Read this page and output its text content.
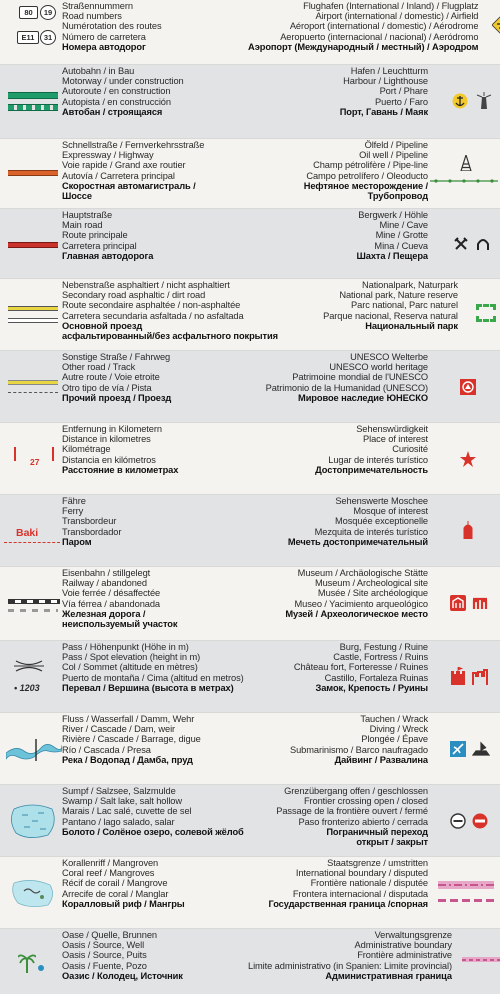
80	19
E11	31
Straßennummern
Road numbers
Numérotation des routes
Número de carretera
Номера автодорог
Flughafen (International / Inland) / Flugplatz
Airport (international / domestic) / Airfield
Aéroport (international / domestic) / Aérodrome
Aeropuerto (internacional / nacional) / Aeródromo
Аэропорт (Международный / местный) / Аэродром
Autobahn / in Bau
Motorway / under construction
Autoroute / en construction
Autopista / en construcción
Автобан / строящаяся
Hafen / Leuchtturm
Harbour / Lighthouse
Port / Phare
Puerto / Faro
Порт, Гавань / Маяк
Schnellstraße / Fernverkehrsstraße
Expressway / Highway
Voie rapide / Grand axe routier
Autovía / Carretera principal
Скоростная автомагистраль /
Шоссе
Ölfeld / Pipeline
Oil well / Pipeline
Champ pétrolifère / Pipe-line
Campo petrolífero / Oleoducto
Нефтяное месторождение /
Трубопровод
Hauptstraße
Main road
Route principale
Carretera principal
Главная автодорога
Bergwerk / Höhle
Mine / Cave
Mine / Grotte
Mina / Cueva
Шахта / Пещера
Nebenstraße asphaltiert / nicht asphaltiert
Secondary road asphaltic / dirt road
Route secondaire asphaltée / non-asphaltée
Carretera secundaria asfaltada / no asfaltada
Основной проезд
асфальтированный/без асфальтного покрытия
Nationalpark, Naturpark
National park, Nature reserve
Parc national, Parc naturel
Parque nacional, Reserva natural
Национальный парк
Sonstige Straße / Fahrweg
Other road / Track
Autre route / Voie etroite
Otro tipo de vía / Pista
Прочий проезд / Проезд
UNESCO Welterbe
UNESCO world heritage
Patrimoine mondial de l'UNESCO
Patrimonio de la Humanidad (UNESCO)
Мировое наследие ЮНЕСКО
27
Entfernung in Kilometern
Distance in kilometres
Kilométrage
Distancia en kilómetros
Расстояние в километрах
Sehenswürdigkeit
Place of interest
Curiosité
Lugar de interés turístico
Достопримечательность
Baki
Fähre
Ferry
Transbordeur
Transbordador
Паром
Sehenswerte Moschee
Mosque of interest
Mosquée exceptionelle
Mezquita de interés turístico
Мечеть достопримечательный
Eisenbahn / stillgelegt
Railway / abandoned
Voie ferrée / désaffectée
Vía férrea / abandonada
Железная дорога /
неиспользуемый участок
Museum / Archäologische Stätte
Museum / Archeological site
Musée / Site archéologique
Museo / Yacimiento arqueológico
Музей / Археологическое место
• 1203
Pass / Höhenpunkt (Höhe in m)
Pass / Spot elevation (height in m)
Col / Sommet (altitude en mètres)
Puerto de montaña / Cima (altitud en metros)
Перевал / Вершина (высота в метрах)
Burg, Festung / Ruine
Castle, Fortress / Ruins
Château fort, Forteresse / Ruines
Castillo, Fortaleza Ruinas
Замок, Крепость / Руины
Fluss / Wasserfall / Damm, Wehr
River / Cascade / Dam, weir
Rivière / Cascade / Barrage, digue
Río / Cascada / Presa
Река / Водопад / Дамба, пруд
Tauchen / Wrack
Diving / Wreck
Plongée / Épave
Submarinismo / Barco naufragado
Дайвинг / Развалина
Sumpf / Salzsee, Salzmulde
Swamp / Salt lake, salt hollow
Marais / Lac salé, cuvette de sel
Pantano / lago salado, salar
Болото / Солёное озеро, солевой жёлоб
Grenzübergang offen / geschlossen
Frontier crossing open / closed
Passage de la frontière ouvert / fermé
Paso fronterizo abierto / cerrada
Пограничный переход
открыт / закрыт
Korallenriff / Mangroven
Coral reef / Mangroves
Récif de corail / Mangrove
Arrecife de coral / Manglar
Коралловый риф / Мангры
Staatsgrenze / umstritten
International boundary / disputed
Frontière nationale / disputée
Frontera internacional / disputada
Государственная граница /спорная
Oase / Quelle, Brunnen
Oasis / Source, Well
Oasis / Source, Puits
Oasis / Fuente, Pozo
Оазис / Колодец, Источник
Verwaltungsgrenze
Administrative boundary
Frontière administrative
Limite administrativo (in Spanien: Limite provincial)
Административная граница
